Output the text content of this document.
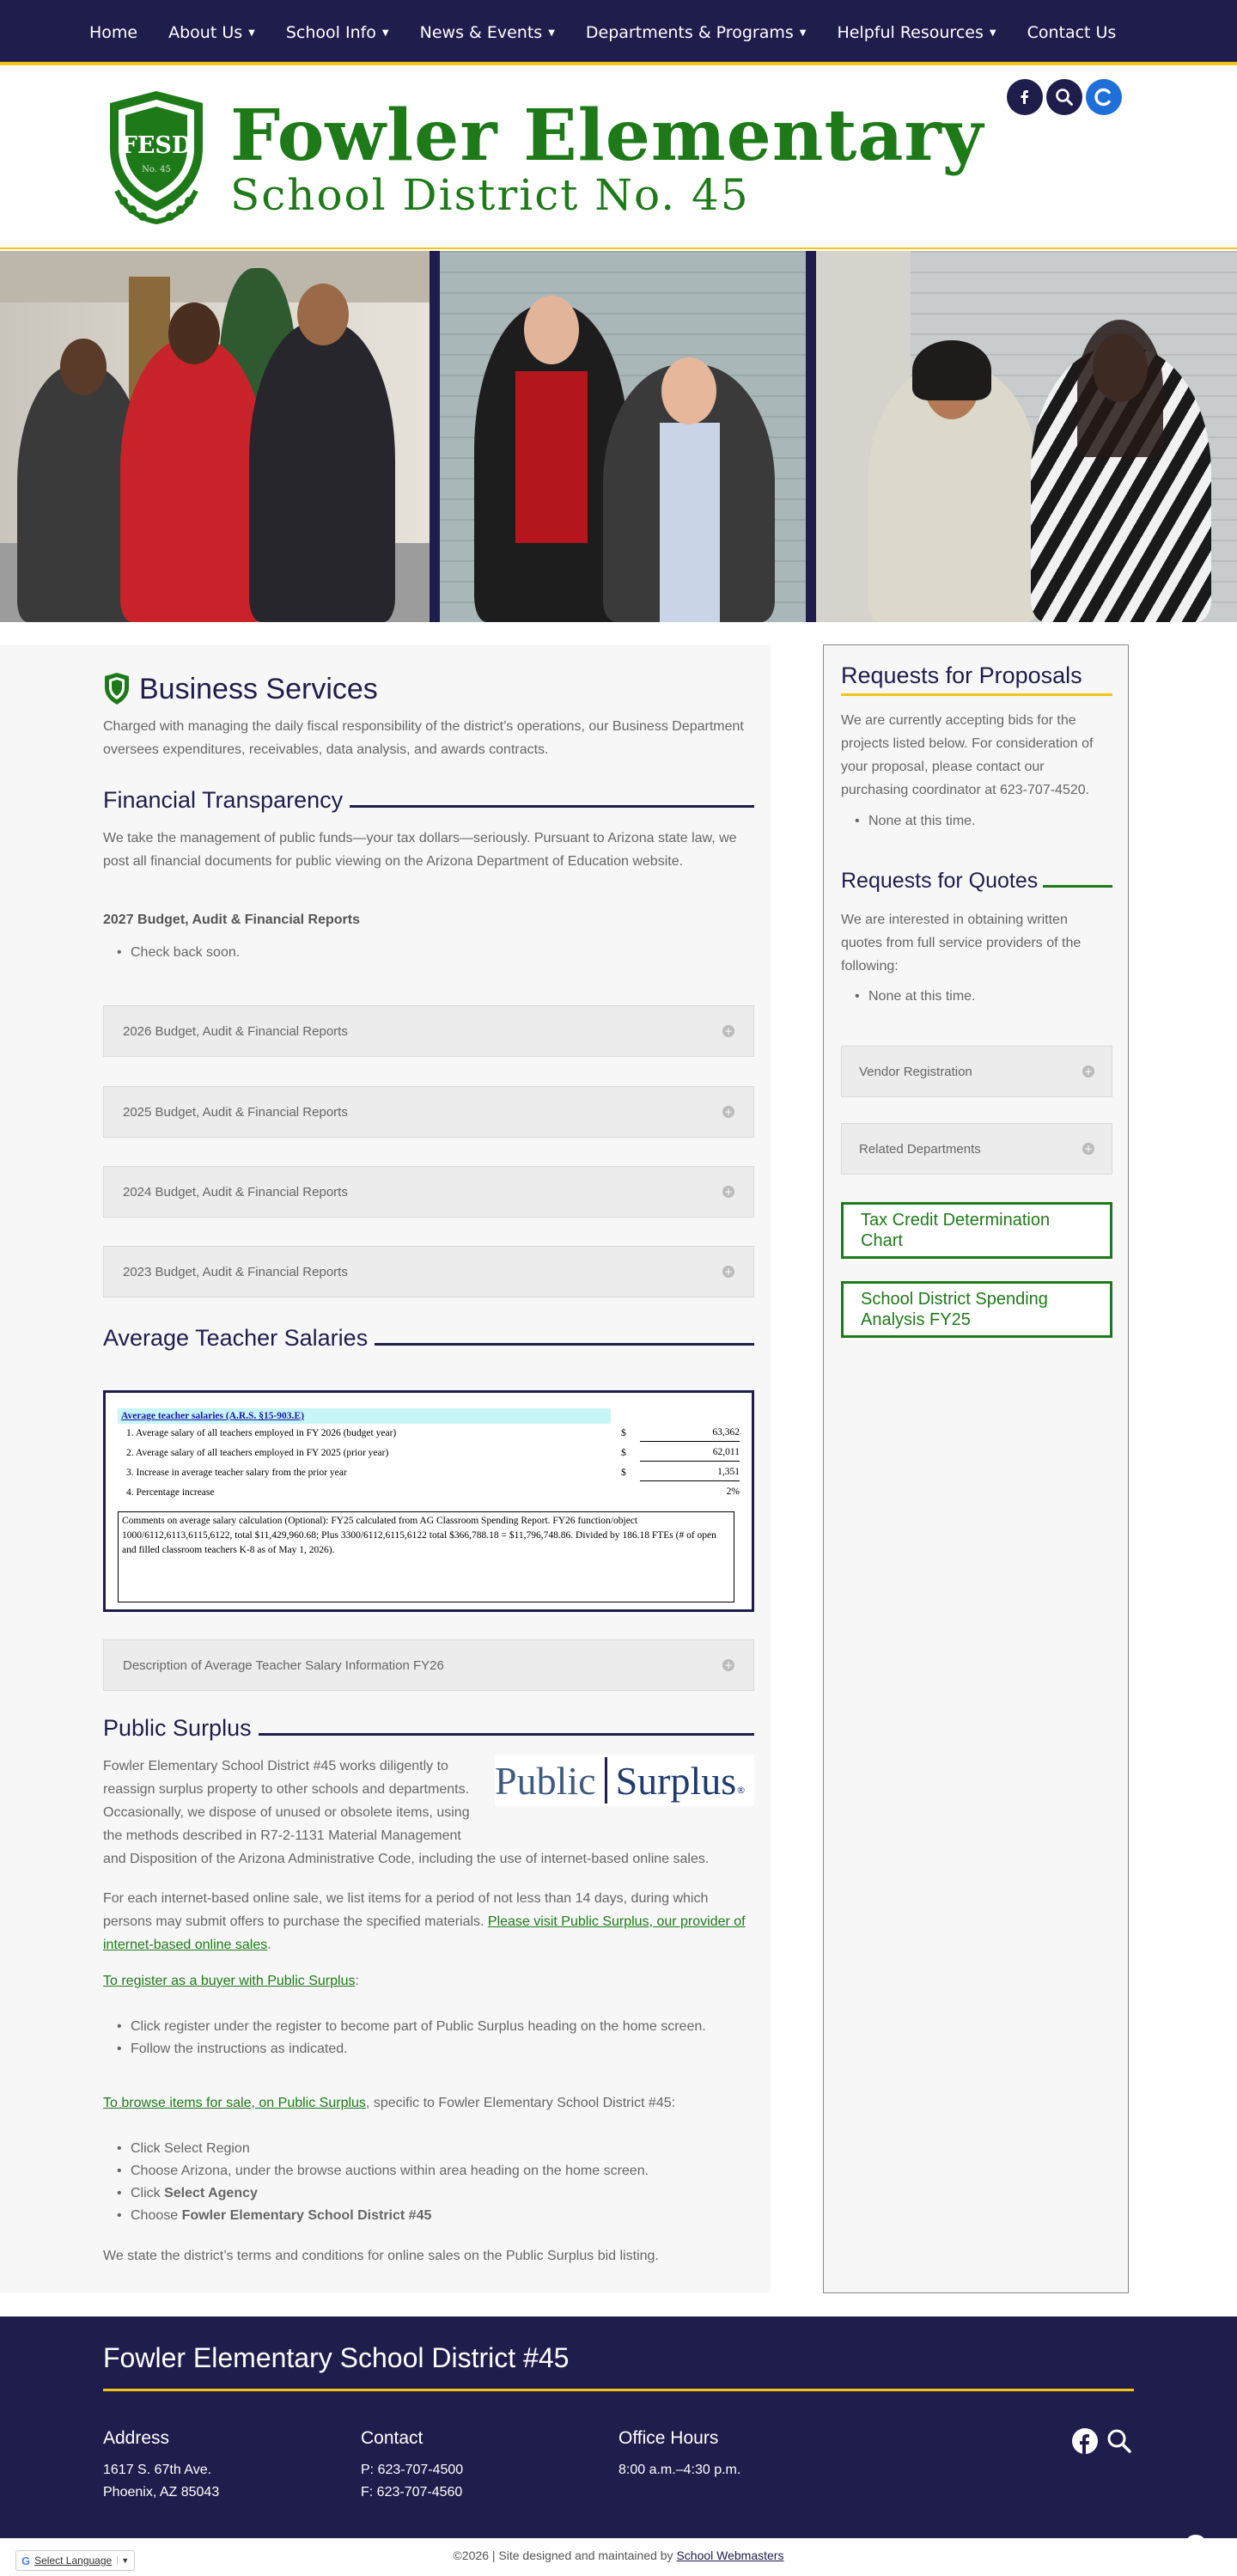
Home About Us ▼ School Info ▼ News & Events ▼ Departments & Programs ▼ Helpful Resources ▼ Contact Us
FESD
No. 45 Fowler Elementary
School District No. 45
Business Services

Charged with managing the daily fiscal responsibility of the district’s operations, our Business Department oversees expenditures, receivables, data analysis, and awards contracts.

Financial Transparency

We take the management of public funds—your tax dollars—seriously. Pursuant to Arizona state law, we post all financial documents for public viewing on the Arizona Department of Education website.

2027 Budget, Audit & Financial Reports
• Check back soon.
2026 Budget, Audit & Financial Reports	+
2025 Budget, Audit & Financial Reports	+
2024 Budget, Audit & Financial Reports	+
2023 Budget, Audit & Financial Reports	+
Average Teacher Salaries
Average teacher salaries (A.R.S. §15-903.E)
1. Average salary of all teachers employed in FY 2026 (budget year)	$	63,362
2. Average salary of all teachers employed in FY 2025 (prior year)	$	62,011
3. Increase in average teacher salary from the prior year	$	1,351
4. Percentage increase	2%
Comments on average salary calculation (Optional): FY25 calculated from AG Classroom Spending Report. FY26 function/object 1000/6112,6113,6115,6122, total $11,429,960.68; Plus 3300/6112,6115,6122 total $366,788.18 = $11,796,748.86. Divided by 186.18 FTEs (# of open and filled classroom teachers K-8 as of May 1, 2026).
Description of Average Teacher Salary Information FY26	+
Public Surplus
Public Surplus ®

Fowler Elementary School District #45 works diligently to reassign surplus property to other schools and departments. Occasionally, we dispose of unused or obsolete items, using the methods described in R7-2-1131 Material Management and Disposition of the Arizona Administrative Code, including the use of internet-based online sales.

For each internet-based online sale, we list items for a period of not less than 14 days, during which persons may submit offers to purchase the specified materials. Please visit Public Surplus, our provider of internet-based online sales.

To register as a buyer with Public Surplus:

• Click register under the register to become part of Public Surplus heading on the home screen.
• Follow the instructions as indicated.

To browse items for sale, on Public Surplus, specific to Fowler Elementary School District #45:

• Click Select Region
• Choose Arizona, under the browse auctions within area heading on the home screen.
• Click Select Agency
• Choose Fowler Elementary School District #45

We state the district’s terms and conditions for online sales on the Public Surplus bid listing.

Requests for Proposals

We are currently accepting bids for the projects listed below. For consideration of your proposal, please contact our purchasing coordinator at 623-707-4520.

• None at this time.
Requests for Quotes

We are interested in obtaining written quotes from full service providers of the following:

• None at this time.
Vendor Registration	+
Related Departments	+
Tax Credit Determination Chart
School District Spending Analysis FY25
Fowler Elementary School District #45
Address
1617 S. 67th Ave.
Phoenix, AZ 85043
Contact
P: 623-707-4500
F: 623-707-4560
Office Hours
8:00 a.m.–4:30 p.m.
G Select Language	▼	©2026 | Site designed and maintained by School Webmasters
